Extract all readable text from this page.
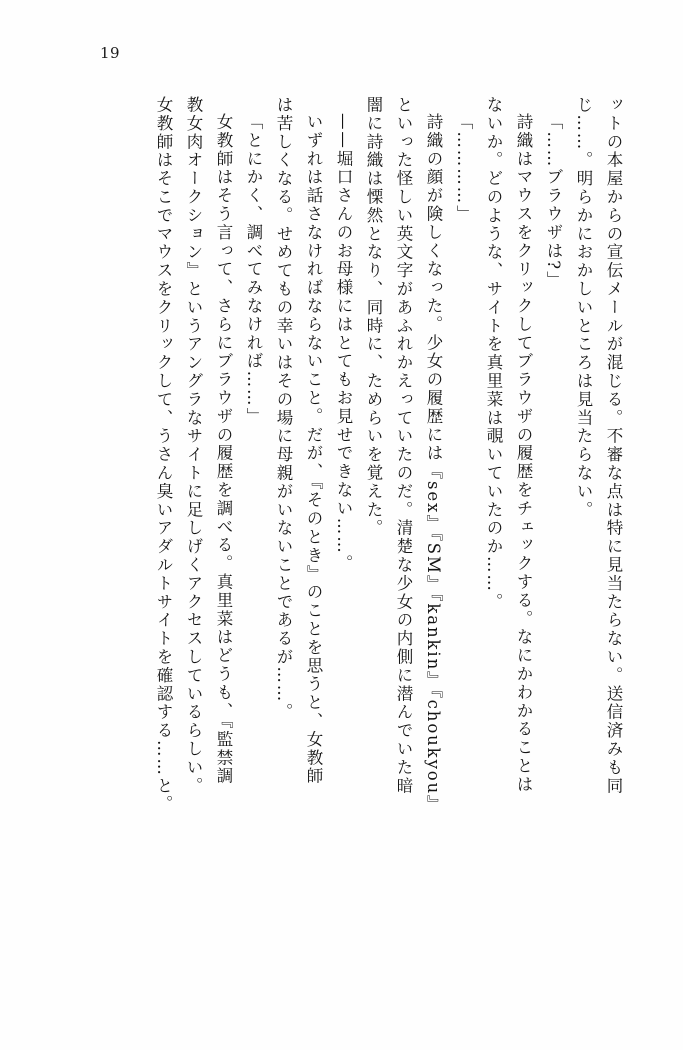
19
ットの本屋からの宣伝メールが混じる。不審な点は特に見当たらない。送信済みも同
じ……。明らかにおかしいところは見当たらない。
「……ブラウザは?」
詩織はマウスをクリックしてブラウザの履歴をチェックする。なにかわかることは
ないか。どのような、サイトを真里菜は覗いていたのか……。
「…………」
詩織の顔が険しくなった。少女の履歴には『sex』『SM』『kankin』『choukyou』
といった怪しい英文字があふれかえっていたのだ。清楚な少女の内側に潜んでいた暗
闇に詩織は慄然となり、同時に、ためらいを覚えた。
——堀口さんのお母様にはとてもお見せできない……。
いずれは話さなければならないこと。だが、『そのとき』のことを思うと、女教師
は苦しくなる。せめてもの幸いはその場に母親がいないことであるが……。
「とにかく、調べてみなければ……」
女教師はそう言って、さらにブラウザの履歴を調べる。真里菜はどうも、『監禁調
教女肉オークション』というアングラなサイトに足しげくアクセスしているらしい。
女教師はそこでマウスをクリックして、うさん臭いアダルトサイトを確認する……と。
